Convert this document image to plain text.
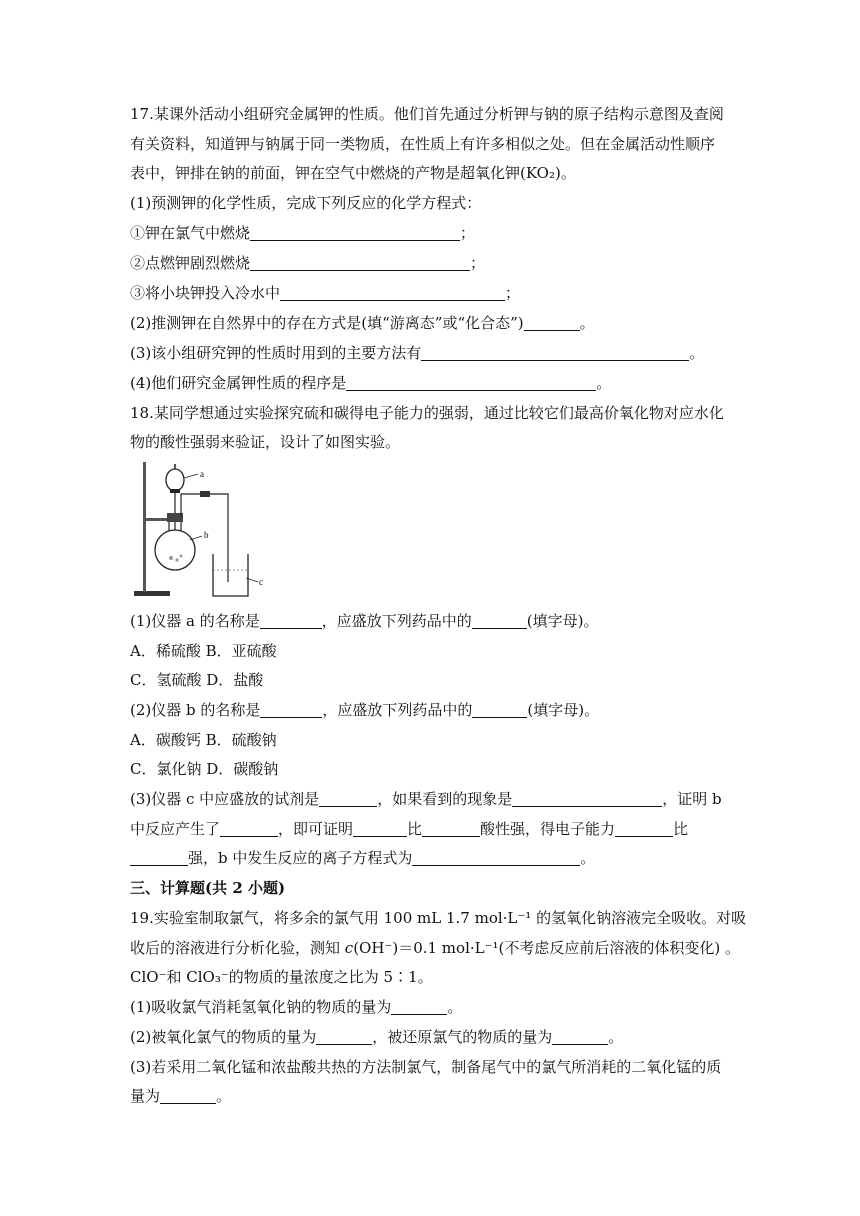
17.某课外活动小组研究金属钾的性质。他们首先通过分析钾与钠的原子结构示意图及查阅
有关资料，知道钾与钠属于同一类物质，在性质上有许多相似之处。但在金属活动性顺序
表中，钾排在钠的前面，钾在空气中燃烧的产物是超氧化钾(KO₂)。
(1)预测钾的化学性质，完成下列反应的化学方程式：
①钾在氯气中燃烧	；
②点燃钾剧烈燃烧	；
③将小块钾投入冷水中	；
(2)推测钾在自然界中的存在方式是(填“游离态”或“化合态”)	。
(3)该小组研究钾的性质时用到的主要方法有	。
(4)他们研究金属钾性质的程序是	。
18.某同学想通过实验探究硫和碳得电子能力的强弱，通过比较它们最高价氧化物对应水化
物的酸性强弱来验证，设计了如图实验。
a
b
c
(1)仪器 a 的名称是	，应盛放下列药品中的	(填字母)。
A．稀硫酸 B．亚硫酸
C．氢硫酸 D．盐酸
(2)仪器 b 的名称是	，应盛放下列药品中的	(填字母)。
A．碳酸钙 B．硫酸钠
C．氯化钠 D．碳酸钠
(3)仪器 c 中应盛放的试剂是	，如果看到的现象是	，证明 b
中反应产生了	，即可证明	比	酸性强，得电子能力	比
强，b 中发生反应的离子方程式为	。
三、计算题(共 2 小题)
19.实验室制取氯气，将多余的氯气用 100 mL 1.7 mol·L⁻¹ 的氢氧化钠溶液完全吸收。对吸
收后的溶液进行分析化验，测知 c(OH⁻)＝0.1 mol·L⁻¹(不考虑反应前后溶液的体积变化) 。
ClO⁻和 ClO₃⁻的物质的量浓度之比为 5∶1。
(1)吸收氯气消耗氢氧化钠的物质的量为	。
(2)被氧化氯气的物质的量为	，被还原氯气的物质的量为	。
(3)若采用二氧化锰和浓盐酸共热的方法制氯气，制备尾气中的氯气所消耗的二氧化锰的质
量为	。
